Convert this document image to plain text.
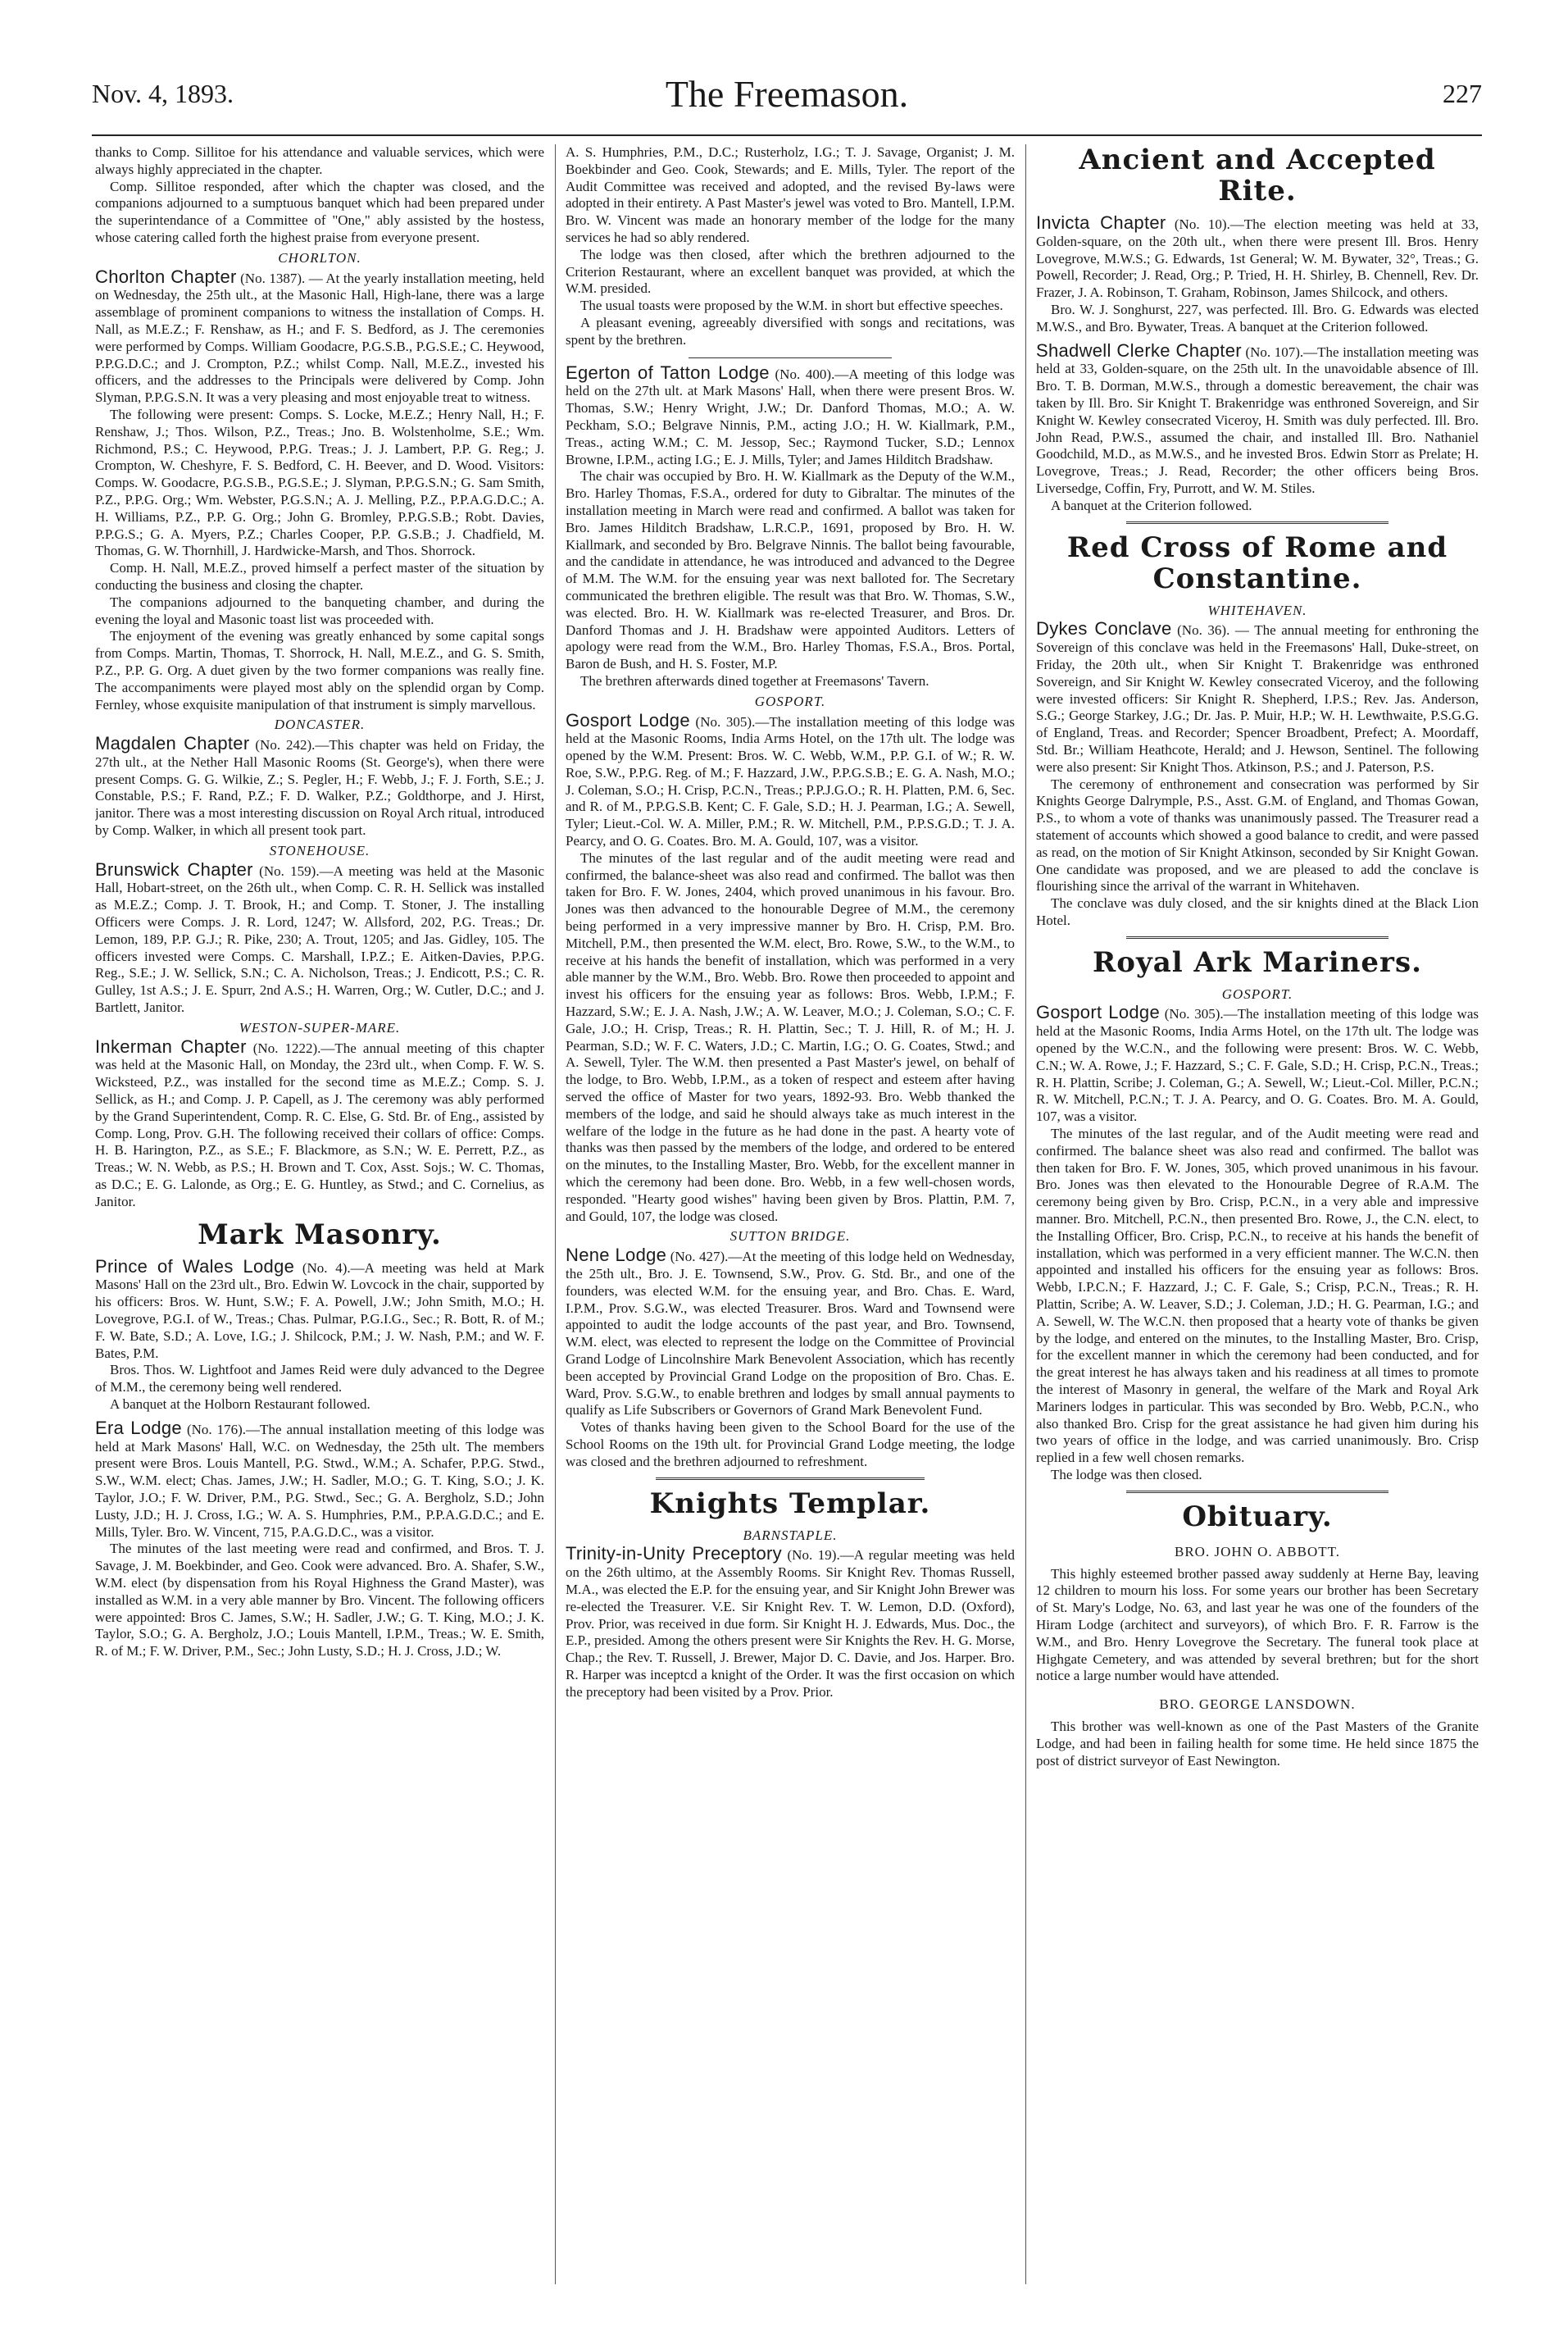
Nov. 4, 1893.	The Freemason.	227

thanks to Comp. Sillitoe for his attendance and valuable services, which were always highly appreciated in the chapter.

Comp. Sillitoe responded, after which the chapter was closed, and the companions adjourned to a sumptuous banquet which had been prepared under the superintendance of a Committee of "One," ably assisted by the hostess, whose catering called forth the highest praise from everyone present.

CHORLTON.

Chorlton Chapter (No. 1387). — At the yearly installation meeting, held on Wednesday, the 25th ult., at the Masonic Hall, High-lane, there was a large assemblage of prominent companions to witness the installation of Comps. H. Nall, as M.E.Z.; F. Renshaw, as H.; and F. S. Bedford, as J. The ceremonies were performed by Comps. William Goodacre, P.G.S.B., P.G.S.E.; C. Heywood, P.P.G.D.C.; and J. Crompton, P.Z.; whilst Comp. Nall, M.E.Z., invested his officers, and the addresses to the Principals were delivered by Comp. John Slyman, P.P.G.S.N. It was a very pleasing and most enjoyable treat to witness.

The following were present: Comps. S. Locke, M.E.Z.; Henry Nall, H.; F. Renshaw, J.; Thos. Wilson, P.Z., Treas.; Jno. B. Wolstenholme, S.E.; Wm. Richmond, P.S.; C. Heywood, P.P.G. Treas.; J. J. Lambert, P.P. G. Reg.; J. Crompton, W. Cheshyre, F. S. Bedford, C. H. Beever, and D. Wood. Visitors: Comps. W. Goodacre, P.G.S.B., P.G.S.E.; J. Slyman, P.P.G.S.N.; G. Sam Smith, P.Z., P.P.G. Org.; Wm. Webster, P.G.S.N.; A. J. Melling, P.Z., P.P.A.G.D.C.; A. H. Williams, P.Z., P.P. G. Org.; John G. Bromley, P.P.G.S.B.; Robt. Davies, P.P.G.S.; G. A. Myers, P.Z.; Charles Cooper, P.P. G.S.B.; J. Chadfield, M. Thomas, G. W. Thornhill, J. Hardwicke-Marsh, and Thos. Shorrock.

Comp. H. Nall, M.E.Z., proved himself a perfect master of the situation by conducting the business and closing the chapter.

The companions adjourned to the banqueting chamber, and during the evening the loyal and Masonic toast list was proceeded with.

The enjoyment of the evening was greatly enhanced by some capital songs from Comps. Martin, Thomas, T. Shorrock, H. Nall, M.E.Z., and G. S. Smith, P.Z., P.P. G. Org. A duet given by the two former companions was really fine. The accompaniments were played most ably on the splendid organ by Comp. Fernley, whose exquisite manipulation of that instrument is simply marvellous.

DONCASTER.

Magdalen Chapter (No. 242).—This chapter was held on Friday, the 27th ult., at the Nether Hall Masonic Rooms (St. George's), when there were present Comps. G. G. Wilkie, Z.; S. Pegler, H.; F. Webb, J.; F. J. Forth, S.E.; J. Constable, P.S.; F. Rand, P.Z.; F. D. Walker, P.Z.; Goldthorpe, and J. Hirst, janitor. There was a most interesting discussion on Royal Arch ritual, introduced by Comp. Walker, in which all present took part.

STONEHOUSE.

Brunswick Chapter (No. 159).—A meeting was held at the Masonic Hall, Hobart-street, on the 26th ult., when Comp. C. R. H. Sellick was installed as M.E.Z.; Comp. J. T. Brook, H.; and Comp. T. Stoner, J. The installing Officers were Comps. J. R. Lord, 1247; W. Allsford, 202, P.G. Treas.; Dr. Lemon, 189, P.P. G.J.; R. Pike, 230; A. Trout, 1205; and Jas. Gidley, 105. The officers invested were Comps. C. Marshall, I.P.Z.; E. Aitken-Davies, P.P.G. Reg., S.E.; J. W. Sellick, S.N.; C. A. Nicholson, Treas.; J. Endicott, P.S.; C. R. Gulley, 1st A.S.; J. E. Spurr, 2nd A.S.; H. Warren, Org.; W. Cutler, D.C.; and J. Bartlett, Janitor.

WESTON-SUPER-MARE.

Inkerman Chapter (No. 1222).—The annual meeting of this chapter was held at the Masonic Hall, on Monday, the 23rd ult., when Comp. F. W. S. Wicksteed, P.Z., was installed for the second time as M.E.Z.; Comp. S. J. Sellick, as H.; and Comp. J. P. Capell, as J. The ceremony was ably performed by the Grand Superintendent, Comp. R. C. Else, G. Std. Br. of Eng., assisted by Comp. Long, Prov. G.H. The following received their collars of office: Comps. H. B. Harington, P.Z., as S.E.; F. Blackmore, as S.N.; W. E. Perrett, P.Z., as Treas.; W. N. Webb, as P.S.; H. Brown and T. Cox, Asst. Sojs.; W. C. Thomas, as D.C.; E. G. Lalonde, as Org.; E. G. Huntley, as Stwd.; and C. Cornelius, as Janitor.

Mark Masonry.

Prince of Wales Lodge (No. 4).—A meeting was held at Mark Masons' Hall on the 23rd ult., Bro. Edwin W. Lovcock in the chair, supported by his officers: Bros. W. Hunt, S.W.; F. A. Powell, J.W.; John Smith, M.O.; H. Lovegrove, P.G.I. of W., Treas.; Chas. Pulmar, P.G.I.G., Sec.; R. Bott, R. of M.; F. W. Bate, S.D.; A. Love, I.G.; J. Shilcock, P.M.; J. W. Nash, P.M.; and W. F. Bates, P.M.

Bros. Thos. W. Lightfoot and James Reid were duly advanced to the Degree of M.M., the ceremony being well rendered.

A banquet at the Holborn Restaurant followed.

Era Lodge (No. 176).—The annual installation meeting of this lodge was held at Mark Masons' Hall, W.C. on Wednesday, the 25th ult. The members present were Bros. Louis Mantell, P.G. Stwd., W.M.; A. Schafer, P.P.G. Stwd., S.W., W.M. elect; Chas. James, J.W.; H. Sadler, M.O.; G. T. King, S.O.; J. K. Taylor, J.O.; F. W. Driver, P.M., P.G. Stwd., Sec.; G. A. Bergholz, S.D.; John Lusty, J.D.; H. J. Cross, I.G.; W. A. S. Humphries, P.M., P.P.A.G.D.C.; and E. Mills, Tyler. Bro. W. Vincent, 715, P.A.G.D.C., was a visitor.

The minutes of the last meeting were read and confirmed, and Bros. T. J. Savage, J. M. Boekbinder, and Geo. Cook were advanced. Bro. A. Shafer, S.W., W.M. elect (by dispensation from his Royal Highness the Grand Master), was installed as W.M. in a very able manner by Bro. Vincent. The following officers were appointed: Bros C. James, S.W.; H. Sadler, J.W.; G. T. King, M.O.; J. K. Taylor, S.O.; G. A. Bergholz, J.O.; Louis Mantell, I.P.M., Treas.; W. E. Smith, R. of M.; F. W. Driver, P.M., Sec.; John Lusty, S.D.; H. J. Cross, J.D.; W.

A. S. Humphries, P.M., D.C.; Rusterholz, I.G.; T. J. Savage, Organist; J. M. Boekbinder and Geo. Cook, Stewards; and E. Mills, Tyler. The report of the Audit Committee was received and adopted, and the revised By-laws were adopted in their entirety. A Past Master's jewel was voted to Bro. Mantell, I.P.M. Bro. W. Vincent was made an honorary member of the lodge for the many services he had so ably rendered.

The lodge was then closed, after which the brethren adjourned to the Criterion Restaurant, where an excellent banquet was provided, at which the W.M. presided.

The usual toasts were proposed by the W.M. in short but effective speeches.

A pleasant evening, agreeably diversified with songs and recitations, was spent by the brethren.

Egerton of Tatton Lodge (No. 400).—A meeting of this lodge was held on the 27th ult. at Mark Masons' Hall, when there were present Bros. W. Thomas, S.W.; Henry Wright, J.W.; Dr. Danford Thomas, M.O.; A. W. Peckham, S.O.; Belgrave Ninnis, P.M., acting J.O.; H. W. Kiallmark, P.M., Treas., acting W.M.; C. M. Jessop, Sec.; Raymond Tucker, S.D.; Lennox Browne, I.P.M., acting I.G.; E. J. Mills, Tyler; and James Hilditch Bradshaw.

The chair was occupied by Bro. H. W. Kiallmark as the Deputy of the W.M., Bro. Harley Thomas, F.S.A., ordered for duty to Gibraltar. The minutes of the installation meeting in March were read and confirmed. A ballot was taken for Bro. James Hilditch Bradshaw, L.R.C.P., 1691, proposed by Bro. H. W. Kiallmark, and seconded by Bro. Belgrave Ninnis. The ballot being favourable, and the candidate in attendance, he was introduced and advanced to the Degree of M.M. The W.M. for the ensuing year was next balloted for. The Secretary communicated the brethren eligible. The result was that Bro. W. Thomas, S.W., was elected. Bro. H. W. Kiallmark was re-elected Treasurer, and Bros. Dr. Danford Thomas and J. H. Bradshaw were appointed Auditors. Letters of apology were read from the W.M., Bro. Harley Thomas, F.S.A., Bros. Portal, Baron de Bush, and H. S. Foster, M.P.

The brethren afterwards dined together at Freemasons' Tavern.

GOSPORT.

Gosport Lodge (No. 305).—The installation meeting of this lodge was held at the Masonic Rooms, India Arms Hotel, on the 17th ult. The lodge was opened by the W.M. Present: Bros. W. C. Webb, W.M., P.P. G.I. of W.; R. W. Roe, S.W., P.P.G. Reg. of M.; F. Hazzard, J.W., P.P.G.S.B.; E. G. A. Nash, M.O.; J. Coleman, S.O.; H. Crisp, P.C.N., Treas.; P.P.J.G.O.; R. H. Platten, P.M. 6, Sec. and R. of M., P.P.G.S.B. Kent; C. F. Gale, S.D.; H. J. Pearman, I.G.; A. Sewell, Tyler; Lieut.-Col. W. A. Miller, P.M.; R. W. Mitchell, P.M., P.P.S.G.D.; T. J. A. Pearcy, and O. G. Coates. Bro. M. A. Gould, 107, was a visitor.

The minutes of the last regular and of the audit meeting were read and confirmed, the balance-sheet was also read and confirmed. The ballot was then taken for Bro. F. W. Jones, 2404, which proved unanimous in his favour. Bro. Jones was then advanced to the honourable Degree of M.M., the ceremony being performed in a very impressive manner by Bro. H. Crisp, P.M. Bro. Mitchell, P.M., then presented the W.M. elect, Bro. Rowe, S.W., to the W.M., to receive at his hands the benefit of installation, which was performed in a very able manner by the W.M., Bro. Webb. Bro. Rowe then proceeded to appoint and invest his officers for the ensuing year as follows: Bros. Webb, I.P.M.; F. Hazzard, S.W.; E. J. A. Nash, J.W.; A. W. Leaver, M.O.; J. Coleman, S.O.; C. F. Gale, J.O.; H. Crisp, Treas.; R. H. Plattin, Sec.; T. J. Hill, R. of M.; H. J. Pearman, S.D.; W. F. C. Waters, J.D.; C. Martin, I.G.; O. G. Coates, Stwd.; and A. Sewell, Tyler. The W.M. then presented a Past Master's jewel, on behalf of the lodge, to Bro. Webb, I.P.M., as a token of respect and esteem after having served the office of Master for two years, 1892-93. Bro. Webb thanked the members of the lodge, and said he should always take as much interest in the welfare of the lodge in the future as he had done in the past. A hearty vote of thanks was then passed by the members of the lodge, and ordered to be entered on the minutes, to the Installing Master, Bro. Webb, for the excellent manner in which the ceremony had been done. Bro. Webb, in a few well-chosen words, responded. "Hearty good wishes" having been given by Bros. Plattin, P.M. 7, and Gould, 107, the lodge was closed.

SUTTON BRIDGE.

Nene Lodge (No. 427).—At the meeting of this lodge held on Wednesday, the 25th ult., Bro. J. E. Townsend, S.W., Prov. G. Std. Br., and one of the founders, was elected W.M. for the ensuing year, and Bro. Chas. E. Ward, I.P.M., Prov. S.G.W., was elected Treasurer. Bros. Ward and Townsend were appointed to audit the lodge accounts of the past year, and Bro. Townsend, W.M. elect, was elected to represent the lodge on the Committee of Provincial Grand Lodge of Lincolnshire Mark Benevolent Association, which has recently been accepted by Provincial Grand Lodge on the proposition of Bro. Chas. E. Ward, Prov. S.G.W., to enable brethren and lodges by small annual payments to qualify as Life Subscribers or Governors of Grand Mark Benevolent Fund.

Votes of thanks having been given to the School Board for the use of the School Rooms on the 19th ult. for Provincial Grand Lodge meeting, the lodge was closed and the brethren adjourned to refreshment.

Knights Templar.
BARNSTAPLE.

Trinity-in-Unity Preceptory (No. 19).—A regular meeting was held on the 26th ultimo, at the Assembly Rooms. Sir Knight Rev. Thomas Russell, M.A., was elected the E.P. for the ensuing year, and Sir Knight John Brewer was re-elected the Treasurer. V.E. Sir Knight Rev. T. W. Lemon, D.D. (Oxford), Prov. Prior, was received in due form. Sir Knight H. J. Edwards, Mus. Doc., the E.P., presided. Among the others present were Sir Knights the Rev. H. G. Morse, Chap.; the Rev. T. Russell, J. Brewer, Major D. C. Davie, and Jos. Harper. Bro. R. Harper was inceptcd a knight of the Order. It was the first occasion on which the preceptory had been visited by a Prov. Prior.

Ancient and Accepted Rite.

Invicta Chapter (No. 10).—The election meeting was held at 33, Golden-square, on the 20th ult., when there were present Ill. Bros. Henry Lovegrove, M.W.S.; G. Edwards, 1st General; W. M. Bywater, 32°, Treas.; G. Powell, Recorder; J. Read, Org.; P. Tried, H. H. Shirley, B. Chennell, Rev. Dr. Frazer, J. A. Robinson, T. Graham, Robinson, James Shilcock, and others.

Bro. W. J. Songhurst, 227, was perfected. Ill. Bro. G. Edwards was elected M.W.S., and Bro. Bywater, Treas. A banquet at the Criterion followed.

Shadwell Clerke Chapter (No. 107).—The installation meeting was held at 33, Golden-square, on the 25th ult. In the unavoidable absence of Ill. Bro. T. B. Dorman, M.W.S., through a domestic bereavement, the chair was taken by Ill. Bro. Sir Knight T. Brakenridge was enthroned Sovereign, and Sir Knight W. Kewley consecrated Viceroy, H. Smith was duly perfected. Ill. Bro. John Read, P.W.S., assumed the chair, and installed Ill. Bro. Nathaniel Goodchild, M.D., as M.W.S., and he invested Bros. Edwin Storr as Prelate; H. Lovegrove, Treas.; J. Read, Recorder; the other officers being Bros. Liversedge, Coffin, Fry, Purrott, and W. M. Stiles.

A banquet at the Criterion followed.

Red Cross of Rome and Constantine.
WHITEHAVEN.

Dykes Conclave (No. 36). — The annual meeting for enthroning the Sovereign of this conclave was held in the Freemasons' Hall, Duke-street, on Friday, the 20th ult., when Sir Knight T. Brakenridge was enthroned Sovereign, and Sir Knight W. Kewley consecrated Viceroy, and the following were invested officers: Sir Knight R. Shepherd, I.P.S.; Rev. Jas. Anderson, S.G.; George Starkey, J.G.; Dr. Jas. P. Muir, H.P.; W. H. Lewthwaite, P.S.G.G. of England, Treas. and Recorder; Spencer Broadbent, Prefect; A. Moordaff, Std. Br.; William Heathcote, Herald; and J. Hewson, Sentinel. The following were also present: Sir Knight Thos. Atkinson, P.S.; and J. Paterson, P.S.

The ceremony of enthronement and consecration was performed by Sir Knights George Dalrymple, P.S., Asst. G.M. of England, and Thomas Gowan, P.S., to whom a vote of thanks was unanimously passed. The Treasurer read a statement of accounts which showed a good balance to credit, and were passed as read, on the motion of Sir Knight Atkinson, seconded by Sir Knight Gowan. One candidate was proposed, and we are pleased to add the conclave is flourishing since the arrival of the warrant in Whitehaven.

The conclave was duly closed, and the sir knights dined at the Black Lion Hotel.

Royal Ark Mariners.
GOSPORT.

Gosport Lodge (No. 305).—The installation meeting of this lodge was held at the Masonic Rooms, India Arms Hotel, on the 17th ult. The lodge was opened by the W.C.N., and the following were present: Bros. W. C. Webb, C.N.; W. A. Rowe, J.; F. Hazzard, S.; C. F. Gale, S.D.; H. Crisp, P.C.N., Treas.; R. H. Plattin, Scribe; J. Coleman, G.; A. Sewell, W.; Lieut.-Col. Miller, P.C.N.; R. W. Mitchell, P.C.N.; T. J. A. Pearcy, and O. G. Coates. Bro. M. A. Gould, 107, was a visitor.

The minutes of the last regular, and of the Audit meeting were read and confirmed. The balance sheet was also read and confirmed. The ballot was then taken for Bro. F. W. Jones, 305, which proved unanimous in his favour. Bro. Jones was then elevated to the Honourable Degree of R.A.M. The ceremony being given by Bro. Crisp, P.C.N., in a very able and impressive manner. Bro. Mitchell, P.C.N., then presented Bro. Rowe, J., the C.N. elect, to the Installing Officer, Bro. Crisp, P.C.N., to receive at his hands the benefit of installation, which was performed in a very efficient manner. The W.C.N. then appointed and installed his officers for the ensuing year as follows: Bros. Webb, I.P.C.N.; F. Hazzard, J.; C. F. Gale, S.; Crisp, P.C.N., Treas.; R. H. Plattin, Scribe; A. W. Leaver, S.D.; J. Coleman, J.D.; H. G. Pearman, I.G.; and A. Sewell, W. The W.C.N. then proposed that a hearty vote of thanks be given by the lodge, and entered on the minutes, to the Installing Master, Bro. Crisp, for the excellent manner in which the ceremony had been conducted, and for the great interest he has always taken and his readiness at all times to promote the interest of Masonry in general, the welfare of the Mark and Royal Ark Mariners lodges in particular. This was seconded by Bro. Webb, P.C.N., who also thanked Bro. Crisp for the great assistance he had given him during his two years of office in the lodge, and was carried unanimously. Bro. Crisp replied in a few well chosen remarks.

The lodge was then closed.

Obituary.
BRO. JOHN O. ABBOTT.

This highly esteemed brother passed away suddenly at Herne Bay, leaving 12 children to mourn his loss. For some years our brother has been Secretary of St. Mary's Lodge, No. 63, and last year he was one of the founders of the Hiram Lodge (architect and surveyors), of which Bro. F. R. Farrow is the W.M., and Bro. Henry Lovegrove the Secretary. The funeral took place at Highgate Cemetery, and was attended by several brethren; but for the short notice a large number would have attended.

BRO. GEORGE LANSDOWN.

This brother was well-known as one of the Past Masters of the Granite Lodge, and had been in failing health for some time. He held since 1875 the post of district surveyor of East Newington.
